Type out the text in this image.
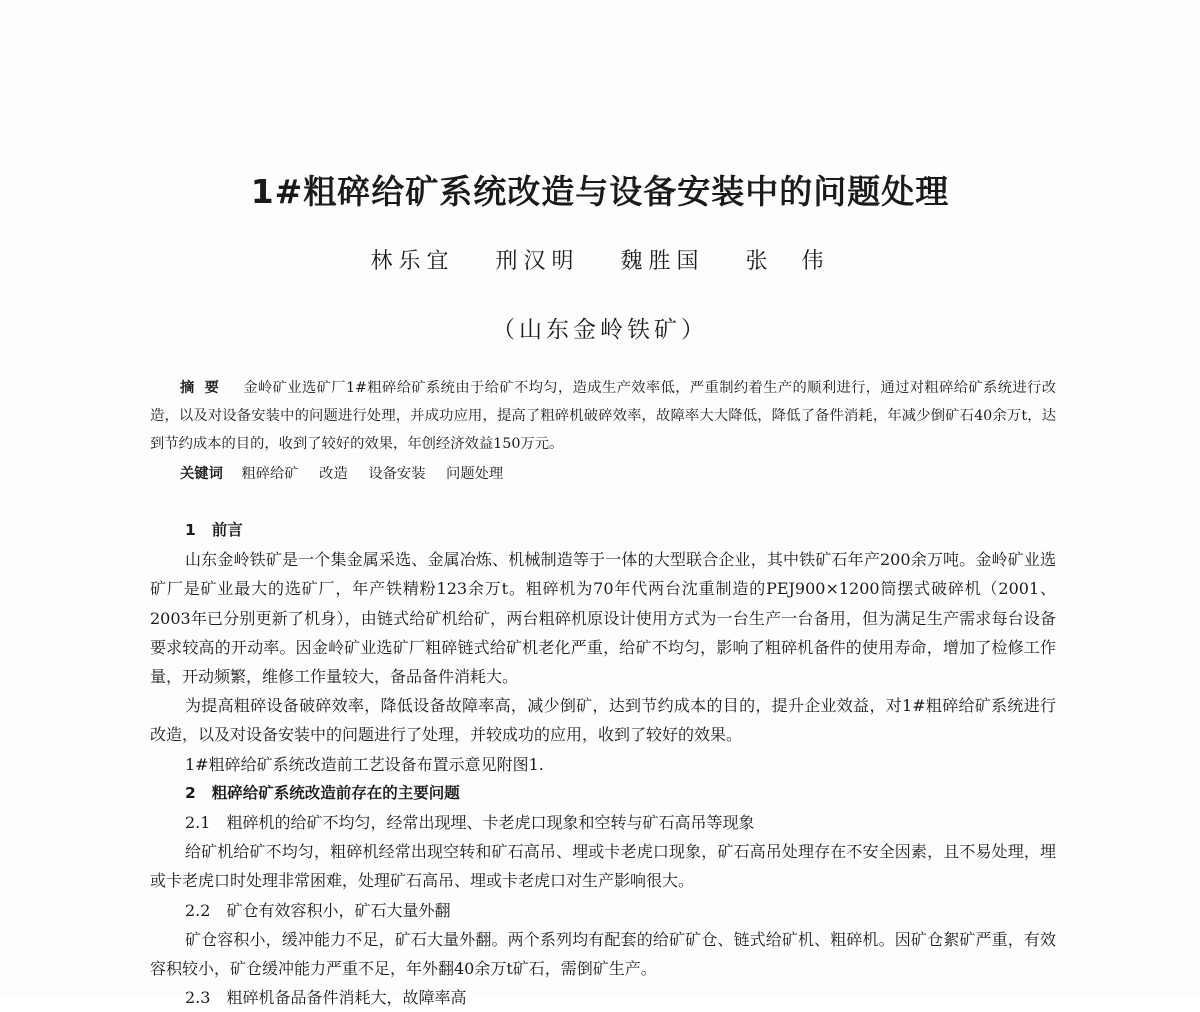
1#粗碎给矿系统改造与设备安装中的问题处理
林乐宜 刑汉明 魏胜国 张　伟
（山东金岭铁矿）
摘要 金岭矿业选矿厂1#粗碎给矿系统由于给矿不均匀，造成生产效率低，严重制约着生产的顺利进行，通过对粗碎给矿系统进行改造，以及对设备安装中的问题进行处理，并成功应用，提高了粗碎机破碎效率，故障率大大降低，降低了备件消耗，年减少倒矿石40余万t，达到节约成本的目的，收到了较好的效果，年创经济效益150万元。
关键词 粗碎给矿 改造 设备安装 问题处理

1 前言

山东金岭铁矿是一个集金属采选、金属冶炼、机械制造等于一体的大型联合企业，其中铁矿石年产200余万吨。金岭矿业选矿厂是矿业最大的选矿厂，年产铁精粉123余万t。粗碎机为70年代两台沈重制造的PEJ900×1200筒摆式破碎机（2001、2003年已分别更新了机身），由链式给矿机给矿，两台粗碎机原设计使用方式为一台生产一台备用，但为满足生产需求每台设备要求较高的开动率。因金岭矿业选矿厂粗碎链式给矿机老化严重，给矿不均匀，影响了粗碎机备件的使用寿命，增加了检修工作量，开动频繁，维修工作量较大，备品备件消耗大。

为提高粗碎设备破碎效率，降低设备故障率高，减少倒矿，达到节约成本的目的，提升企业效益，对1#粗碎给矿系统进行改造，以及对设备安装中的问题进行了处理，并较成功的应用，收到了较好的效果。

1#粗碎给矿系统改造前工艺设备布置示意见附图1.

2 粗碎给矿系统改造前存在的主要问题

2.1 粗碎机的给矿不均匀，经常出现埋、卡老虎口现象和空转与矿石高吊等现象

给矿机给矿不均匀，粗碎机经常出现空转和矿石高吊、埋或卡老虎口现象，矿石高吊处理存在不安全因素，且不易处理，埋或卡老虎口时处理非常困难，处理矿石高吊、埋或卡老虎口对生产影响很大。

2.2 矿仓有效容积小，矿石大量外翻

矿仓容积小，缓冲能力不足，矿石大量外翻。两个系列均有配套的给矿矿仓、链式给矿机、粗碎机。因矿仓絮矿严重，有效容积较小，矿仓缓冲能力严重不足，年外翻40余万t矿石，需倒矿生产。

2.3 粗碎机备品备件消耗大，故障率高
